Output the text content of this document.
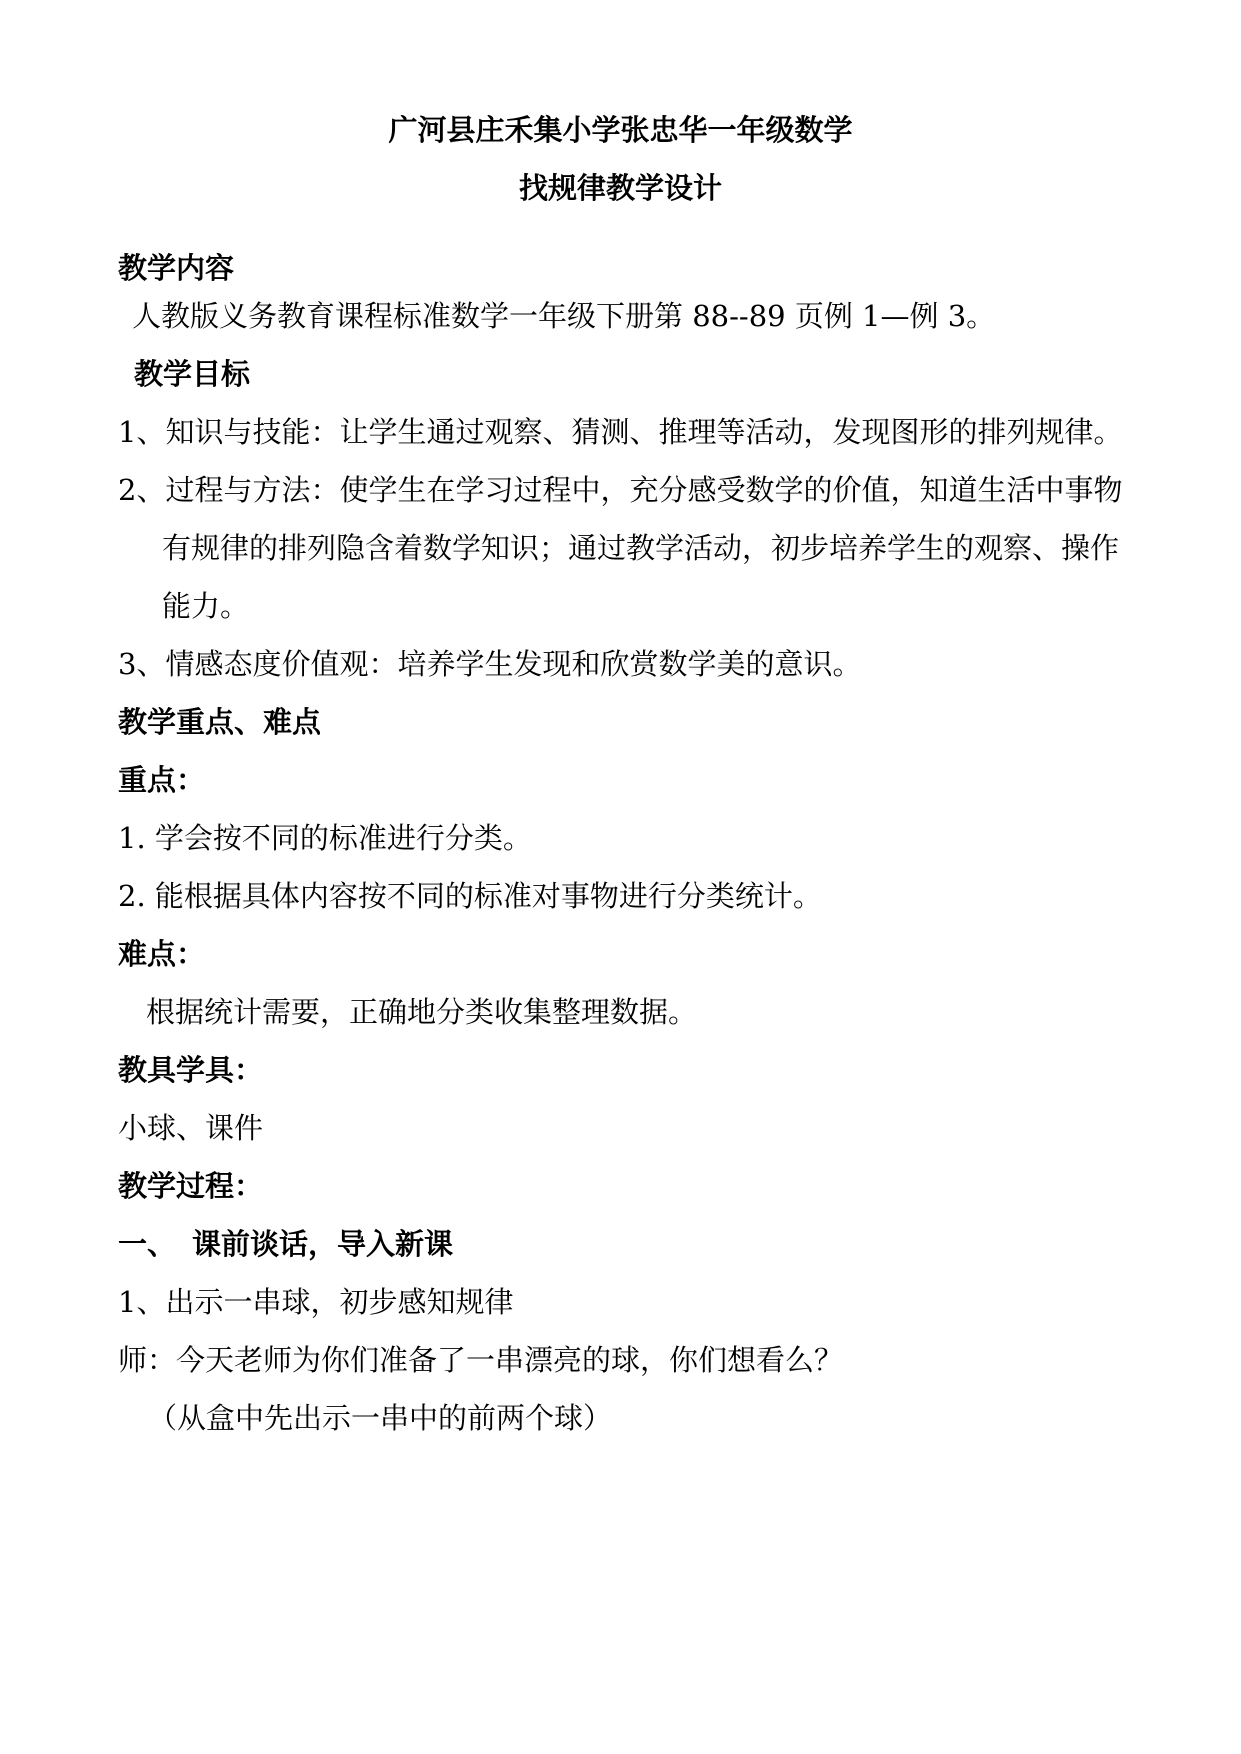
广河县庄禾集小学张忠华一年级数学
找规律教学设计
教学内容
人教版义务教育课程标准数学一年级下册第 88--89 页例 1—例 3。
教学目标
1、知识与技能：让学生通过观察、猜测、推理等活动，发现图形的排列规律。
2、过程与方法：使学生在学习过程中，充分感受数学的价值，知道生活中事物
有规律的排列隐含着数学知识；通过教学活动，初步培养学生的观察、操作
能力。
3、情感态度价值观：培养学生发现和欣赏数学美的意识。
教学重点、难点
重点：
1. 学会按不同的标准进行分类。
2. 能根据具体内容按不同的标准对事物进行分类统计。
难点：
根据统计需要，正确地分类收集整理数据。
教具学具：
小球、课件
教学过程：
一、 课前谈话，导入新课
1、出示一串球，初步感知规律
师：今天老师为你们准备了一串漂亮的球，你们想看么？
（从盒中先出示一串中的前两个球）
